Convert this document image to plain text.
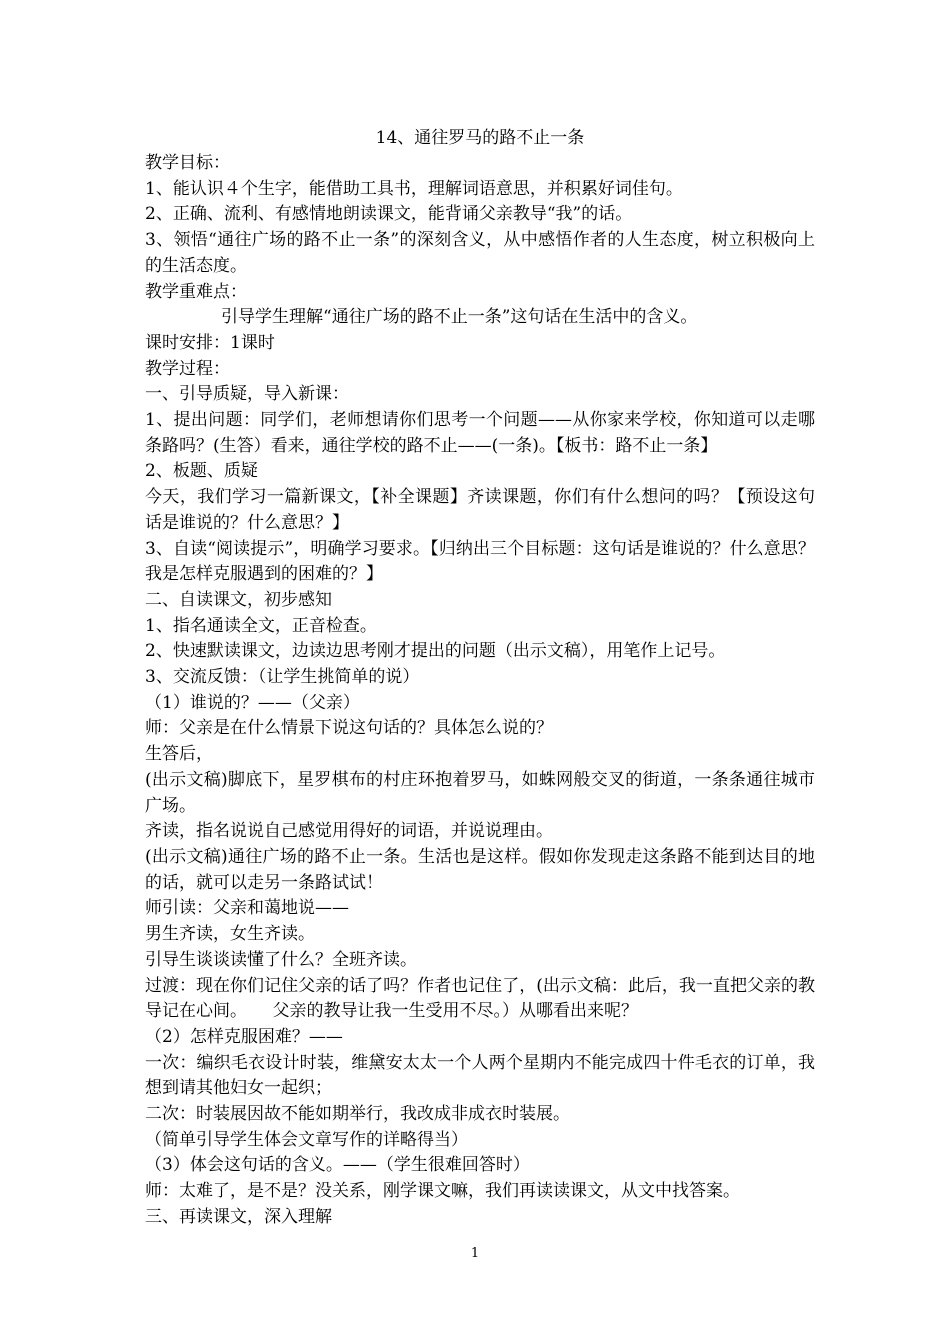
14、通往罗马的路不止一条

教学目标：

1、能认识４个生字，能借助工具书，理解词语意思，并积累好词佳句。

2、正确、流利、有感情地朗读课文，能背诵父亲教导“我”的话。

3、领悟“通往广场的路不止一条”的深刻含义，从中感悟作者的人生态度，树立积极向上的生活态度。

教学重难点：

引导学生理解“通往广场的路不止一条”这句话在生活中的含义。

课时安排：1课时

教学过程：

一、引导质疑，导入新课：

1、提出问题：同学们，老师想请你们思考一个问题——从你家来学校，你知道可以走哪条路吗？(生答）看来，通往学校的路不止——(一条)。【板书：路不止一条】

2、板题、质疑

今天，我们学习一篇新课文，【补全课题】齐读课题，你们有什么想问的吗？【预设这句话是谁说的？什么意思？】

3、自读“阅读提示”，明确学习要求。【归纳出三个目标题：这句话是谁说的？什么意思？我是怎样克服遇到的困难的？】

二、自读课文，初步感知

1、指名通读全文，正音检查。

2、快速默读课文，边读边思考刚才提出的问题（出示文稿），用笔作上记号。

3、交流反馈：（让学生挑简单的说）

（1）谁说的？——（父亲）

师：父亲是在什么情景下说这句话的？具体怎么说的？

生答后，

(出示文稿)脚底下，星罗棋布的村庄环抱着罗马，如蛛网般交叉的街道，一条条通往城市广场。

齐读，指名说说自己感觉用得好的词语，并说说理由。

(出示文稿)通往广场的路不止一条。生活也是这样。假如你发现走这条路不能到达目的地的话，就可以走另一条路试试！

师引读：父亲和蔼地说——

男生齐读，女生齐读。

引导生谈谈读懂了什么？全班齐读。

过渡：现在你们记住父亲的话了吗？作者也记住了，(出示文稿：此后，我一直把父亲的教导记在心间。　　父亲的教导让我一生受用不尽。）从哪看出来呢？

（2）怎样克服困难？——

一次：编织毛衣设计时装，维黛安太太一个人两个星期内不能完成四十件毛衣的订单，我想到请其他妇女一起织；

二次：时装展因故不能如期举行，我改成非成衣时装展。

（简单引导学生体会文章写作的详略得当）

（3）体会这句话的含义。——（学生很难回答时）

师：太难了，是不是？没关系，刚学课文嘛，我们再读读课文，从文中找答案。

三、再读课文，深入理解

1
